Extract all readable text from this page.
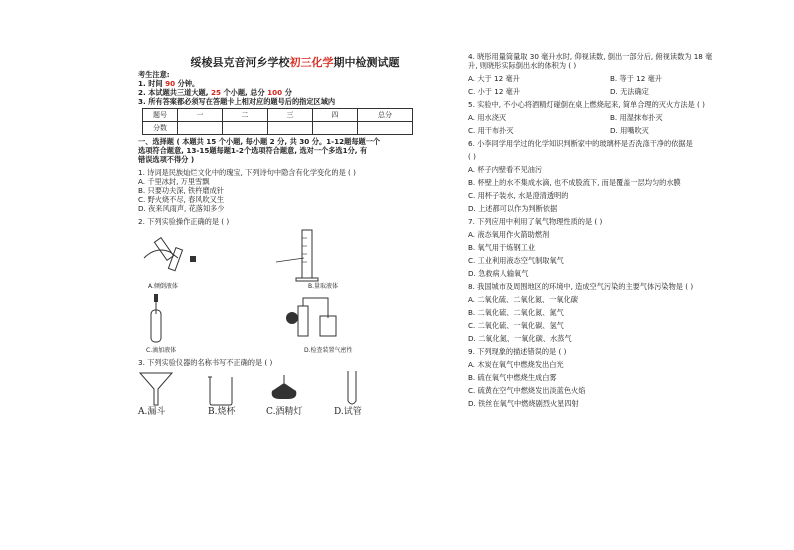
绥棱县克音河乡学校初三化学期中检测试题

考生注意:

1. 时间 90 分钟。

2. 本试题共三道大题, 25 个小题, 总分 100 分

3. 所有答案都必须写在答题卡上相对应的题号后的指定区域内

题号	一	二	三	四	总分
分数					

一、选择题 ( 本题共 15 个小题, 每小题 2 分, 共 30 分。1-12题每题一个

选项符合题意, 13-15题每题1-2个选项符合题意, 选对一个多选1分, 有

错误选项不得分 )

1. 诗词是民族灿烂文化中的瑰宝, 下列诗句中隐含有化学变化的是 ( )

A. 千里冰封, 万里雪飘

B. 只要功夫深, 铁杵磨成针

C. 野火烧不尽, 春风吹又生

D. 夜来风雨声, 花落知多少

2. 下列实验操作正确的是 ( )

A.倾倒液体	B.量取液体
C.滴加液体	D.检查装置气密性

3. 下列实验仪器的名称书写不正确的是 ( )

A.漏斗	B.烧杯	C.酒精灯	D.试管

4. 晓彤用量筒量取 30 毫升水时, 仰视读数, 倒出一部分后, 俯视读数为 18 毫

升, 则晓彤实际倒出水的体积为 ( )

A. 大于 12 毫升	B. 等于 12 毫升
C. 小于 12 毫升	D. 无法确定

5. 实验中, 不小心将酒精灯碰倒在桌上燃烧起来, 简单合理的灭火方法是 ( )

A. 用水浇灭	B. 用湿抹布扑灭
C. 用干布扑灭	D. 用嘴吹灭

6. 小李同学用学过的化学知识判断家中的玻璃杯是否洗涤干净的依据是

( )

A. 杯子内壁看不见油污

B. 杯壁上的水不集成水滴, 也不成股流下, 而是覆盖一层均匀的水膜

C. 用杯子装水, 水是澄清透明的

D. 上述都可以作为判断依据

7. 下列应用中利用了氧气物理性质的是 ( )

A. 液态氧用作火箭助燃剂

B. 氧气用于炼钢工业

C. 工业利用液态空气制取氧气

D. 急救病人输氧气

8. 我国城市及周围地区的环境中, 造成空气污染的主要气体污染物是 ( )

A. 二氧化硫、二氧化氮、一氧化碳

B. 二氧化硫、二氧化氮、氮气

C. 二氧化硫、一氧化碳、氢气

D. 二氧化氮、一氧化碳、水蒸气

9. 下列现象的描述错误的是 ( )

A. 木炭在氧气中燃烧发出白光

B. 硫在氧气中燃烧生成白雾

C. 硫黄在空气中燃烧发出淡蓝色火焰

D. 铁丝在氧气中燃烧剧烈火星四射
